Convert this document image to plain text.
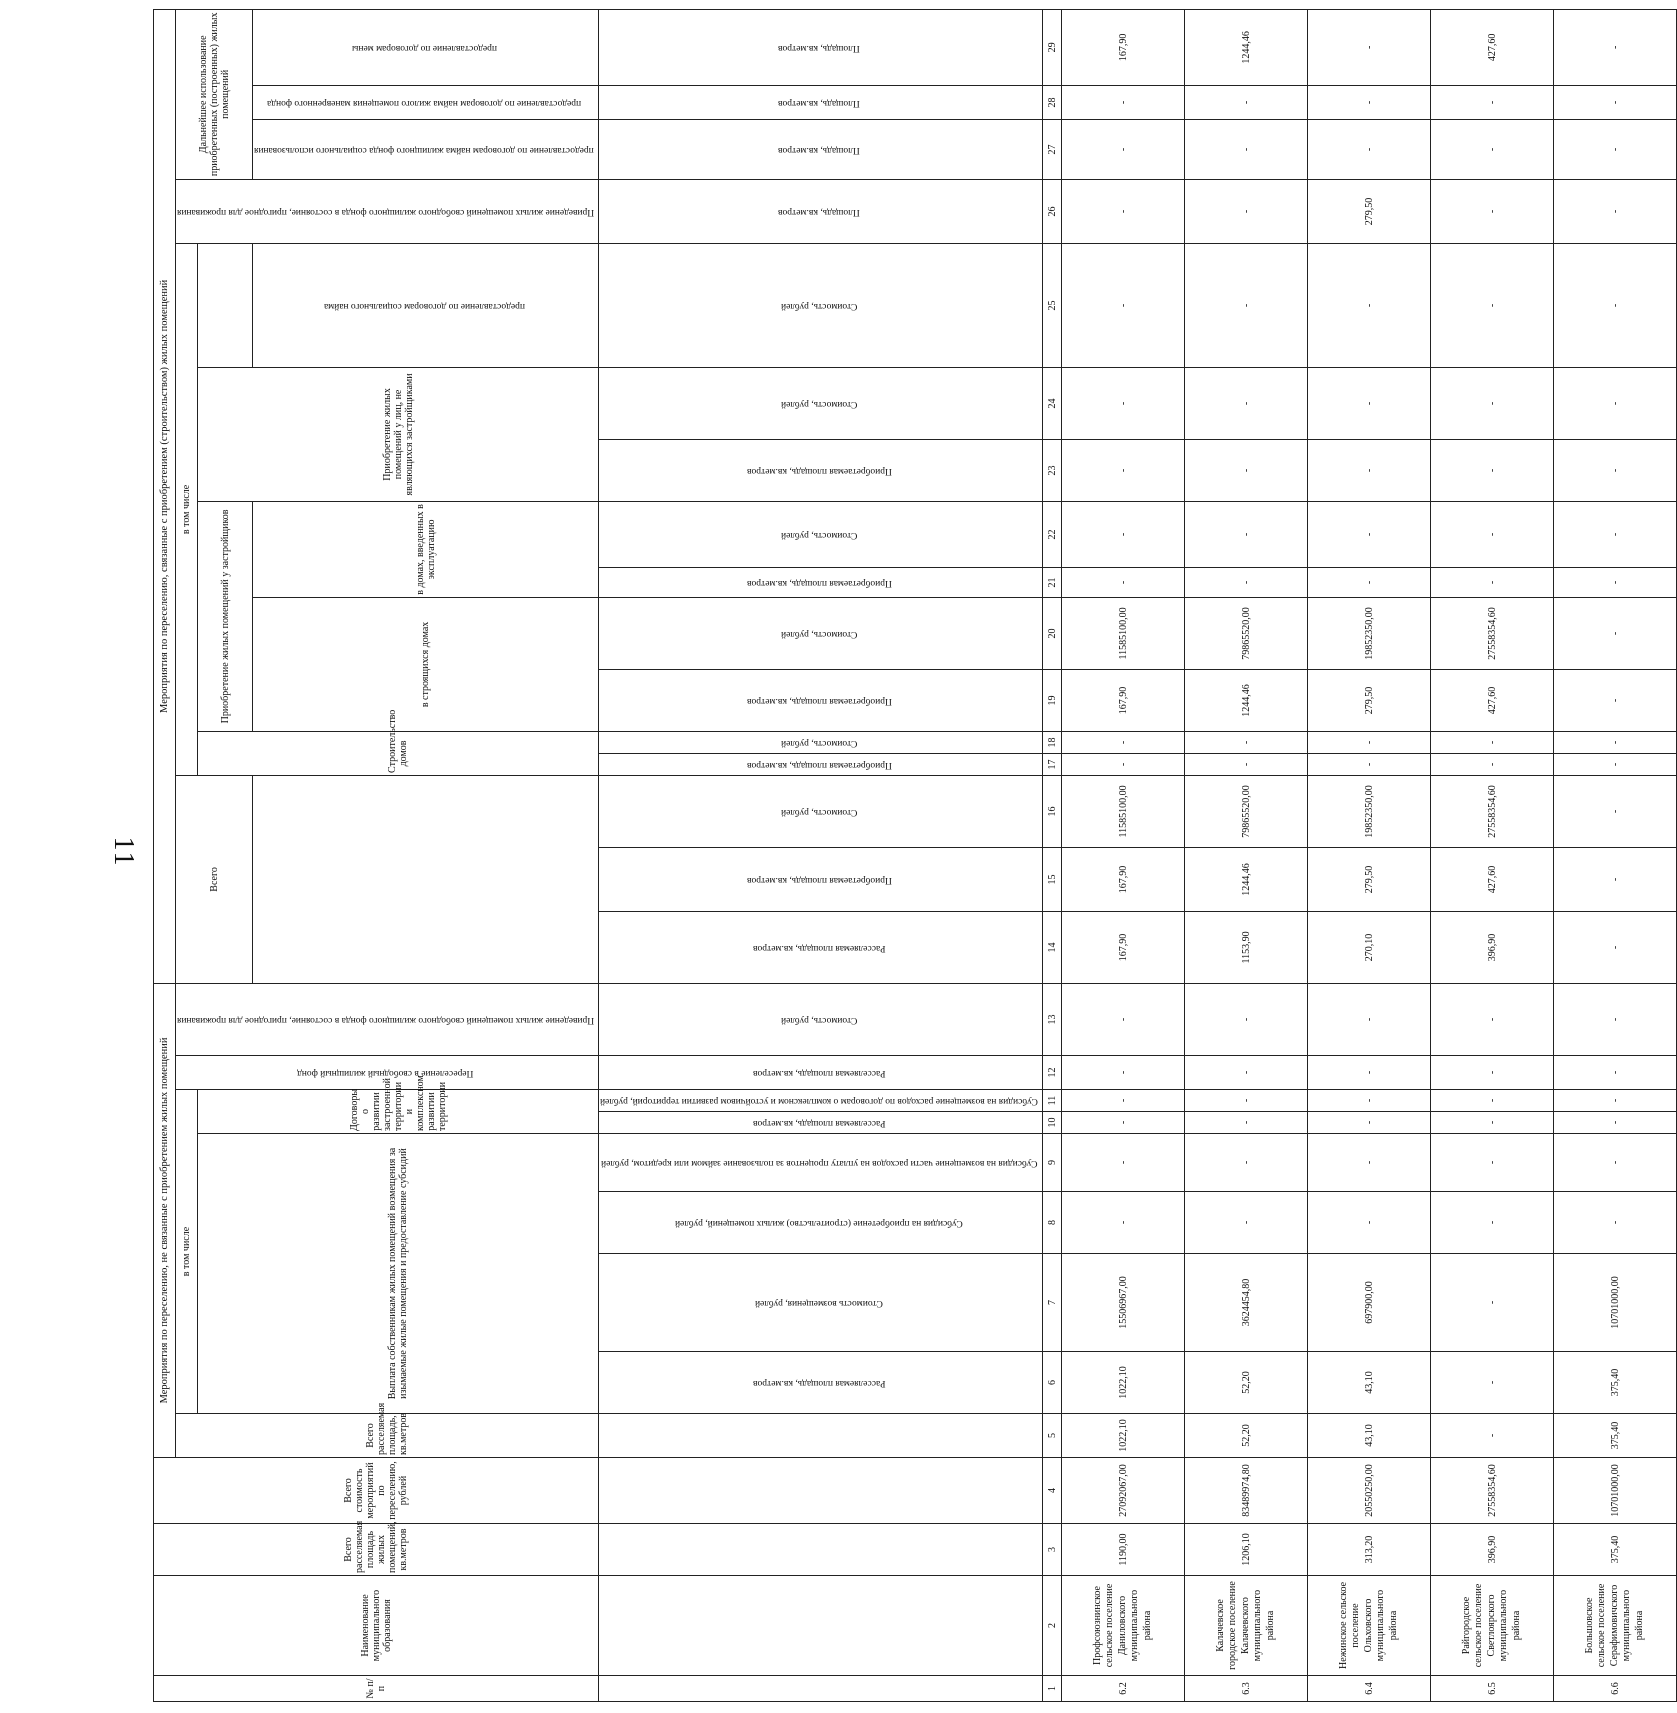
11
№ п/п	Наименование муниципального образования	Всего расселяемая площадь жилых помещений, кв.метров	Всего стоимость мероприятий по переселению, рублей	Мероприятия по переселению, не связанные с приобретением жилых помещений									Мероприятия по переселению, связанные с приобретением (строительством) жилых помещений															
				Всего расселяемая площадь, кв.метров	в том числе						Переселение в свободный жилищный фонд	Приведение жилых помещений свободного жилищного фонда в состояние, пригодное для проживания	Всего			в том числе									Приведение жилых помещений свободного жилищного фонда в состояние, пригодное для проживания	Дальнейшее использование приобретенных (построенных) жилых помещений		
					Выплата собственникам жилых помещений возмещения за изымаемые жилые помещения и предоставление субсидий				Договоры о развитии застроенной территории и комплексном развитии территории							Строительство домов		Приобретение жилых помещений у застройщиков				Приобретение жилых помещений у лиц, не являющихся застройщиками						
																		в строящихся домах		в домах, введенных в эксплуатацию				предоставление по договорам социального найма		предоставление по договорам найма жилищного фонда социального использования	предоставление по договорам найма жилого помещения маневренного фонда	предоставление по договорам мены
					Расселяемая площадь, кв.метров	Стоимость возмещения, рублей	Субсидия на приобретение (строительство) жилых помещений, рублей	Субсидия на возмещение части расходов на уплату процентов за пользование займом или кредитом, рублей	Расселяемая площадь, кв.метров	Субсидия на возмещение расходов по договорам о комплексном и устойчивом развитии территорий, рублей	Расселяемая площадь, кв.метров	Стоимость, рублей	Расселяемая площадь, кв.метров	Приобретаемая площадь, кв.метров	Стоимость, рублей	Приобретаемая площадь, кв.метров	Стоимость, рублей	Приобретаемая площадь, кв.метров	Стоимость, рублей	Приобретаемая площадь, кв.метров	Стоимость, рублей	Приобретаемая площадь, кв.метров	Стоимость, рублей	Стоимость, рублей	Площадь, кв.метров	Площадь, кв.метров	Площадь, кв.метров	Площадь, кв.метров
1	2	3	4	5	6	7	8	9	10	11	12	13	14	15	16	17	18	19	20	21	22	23	24	25	26	27	28	29
6.2	Профсоюзнинское сельское поселение Даниловского муниципального района	1190,00	27092067,00	1022,10	1022,10	15506967,00	-	-	-	-	-	-	167,90	167,90	11585100,00	-	-	167,90	11585100,00	-	-	-	-	-	-	-	-	167,90
6.3	Калачевское городское поселение Калачевского муниципального района	1206,10	83489974,80	52,20	52,20	3624454,80	-	-	-	-	-	-	1153,90	1244,46	79865520,00	-	-	1244,46	79865520,00	-	-	-	-	-	-	-	-	1244,46
6.4	Нежинское сельское поселение Ольховского муниципального района	313,20	20550250,00	43,10	43,10	697900,00	-	-	-	-	-	-	270,10	279,50	19852350,00	-	-	279,50	19852350,00	-	-	-	-	-	279,50	-	-	-
6.5	Райгородское сельское поселение Светлоярского муниципального района	396,90	27558354,60	-	-	-	-	-	-	-	-	-	396,90	427,60	27558354,60	-	-	427,60	27558354,60	-	-	-	-	-	-	-	-	427,60
6.6	Большовское сельское поселение Серафимовичского муниципального района	375,40	10701000,00	375,40	375,40	10701000,00	-	-	-	-	-	-	-	-	-	-	-	-	-	-	-	-	-	-	-	-	-	-
